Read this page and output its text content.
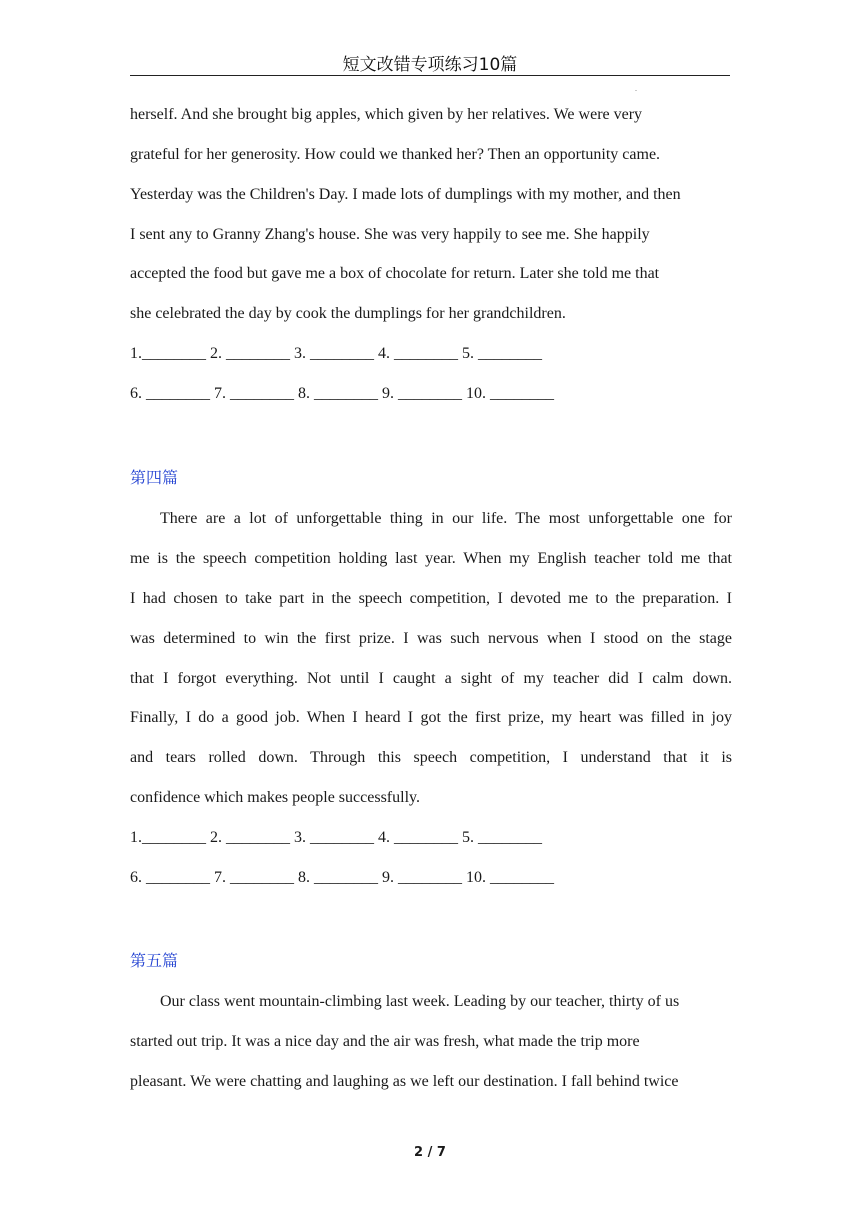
短文改错专项练习10篇
.
herself. And she brought big apples, which given by her relatives. We were very
grateful for her generosity. How could we thanked her? Then an opportunity came.
Yesterday was the Children's Day. I made lots of dumplings with my mother, and then
I sent any to Granny Zhang's house. She was very happily to see me. She happily
accepted the food but gave me a box of chocolate for return. Later she told me that
she celebrated the day by cook the dumplings for her grandchildren.
1.________ 2. ________ 3. ________ 4. ________ 5. ________
6. ________ 7. ________ 8. ________ 9. ________ 10. ________
第四篇
There are a lot of unforgettable thing in our life. The most unforgettable one for
me is the speech competition holding last year. When my English teacher told me that
I had chosen to take part in the speech competition, I devoted me to the preparation. I
was determined to win the first prize. I was such nervous when I stood on the stage
that I forgot everything. Not until I caught a sight of my teacher did I calm down.
Finally, I do a good job. When I heard I got the first prize, my heart was filled in joy
and tears rolled down. Through this speech competition, I understand that it is
confidence which makes people successfully.
1.________ 2. ________ 3. ________ 4. ________ 5. ________
6. ________ 7. ________ 8. ________ 9. ________ 10. ________
第五篇
Our class went mountain-climbing last week. Leading by our teacher, thirty of us
started out trip. It was a nice day and the air was fresh, what made the trip more
pleasant. We were chatting and laughing as we left our destination. I fall behind twice
2 / 7
